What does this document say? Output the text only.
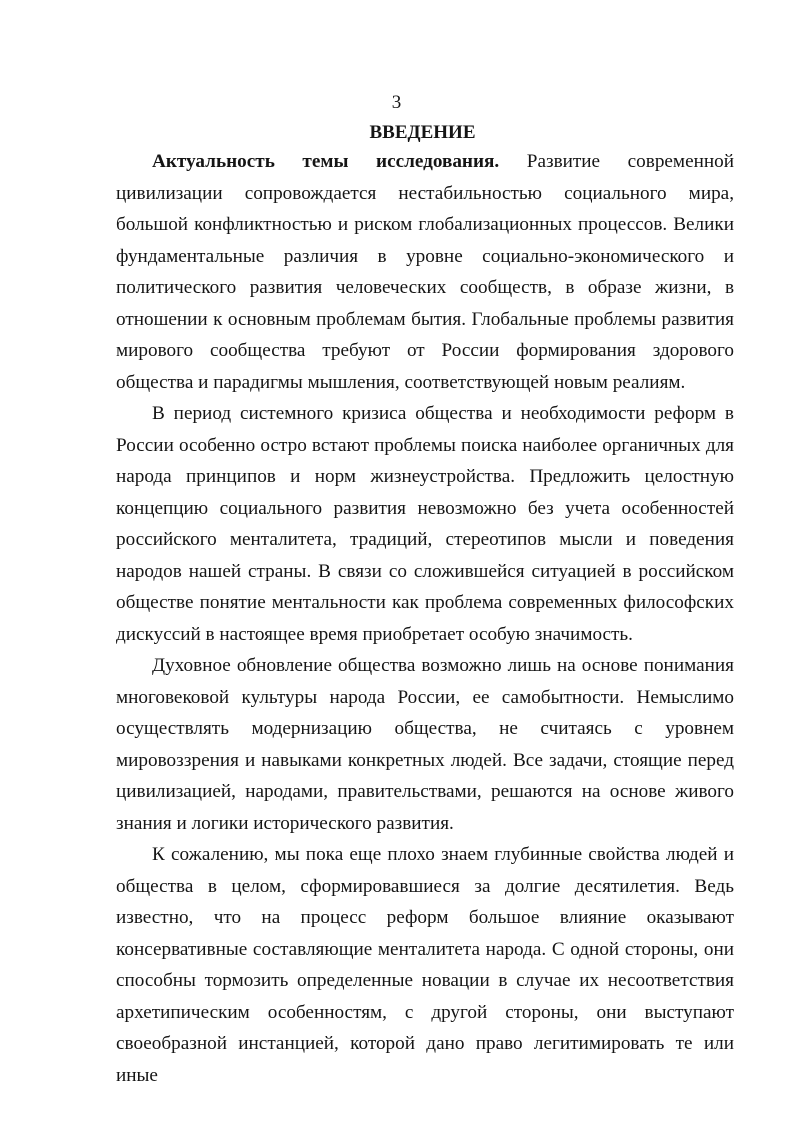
3
ВВЕДЕНИЕ

Актуальность темы исследования. Развитие современной цивилизации сопровождается нестабильностью социального мира, большой конфликтностью и риском глобализационных процессов. Велики фундаментальные различия в уровне социально-экономического и политического развития человеческих сообществ, в образе жизни, в отношении к основным проблемам бытия. Глобальные проблемы развития мирового сообщества требуют от России формирования здорового общества и парадигмы мышления, соответствующей новым реалиям.

В период системного кризиса общества и необходимости реформ в России особенно остро встают проблемы поиска наиболее органичных для народа принципов и норм жизнеустройства. Предложить целостную концепцию социального развития невозможно без учета особенностей российского менталитета, традиций, стереотипов мысли и поведения народов нашей страны. В связи со сложившейся ситуацией в российском обществе понятие ментальности как проблема современных философских дискуссий в настоящее время приобретает особую значимость.

Духовное обновление общества возможно лишь на основе понимания многовековой культуры народа России, ее самобытности. Немыслимо осуществлять модернизацию общества, не считаясь с уровнем мировоззрения и навыками конкретных людей. Все задачи, стоящие перед цивилизацией, народами, правительствами, решаются на основе живого знания и логики исторического развития.

К сожалению, мы пока еще плохо знаем глубинные свойства людей и общества в целом, сформировавшиеся за долгие десятилетия. Ведь известно, что на процесс реформ большое влияние оказывают консервативные составляющие менталитета народа. С одной стороны, они способны тормозить определенные новации в случае их несоответствия архетипическим особенностям, с другой стороны, они выступают своеобразной инстанцией, которой дано право легитимировать те или иные
